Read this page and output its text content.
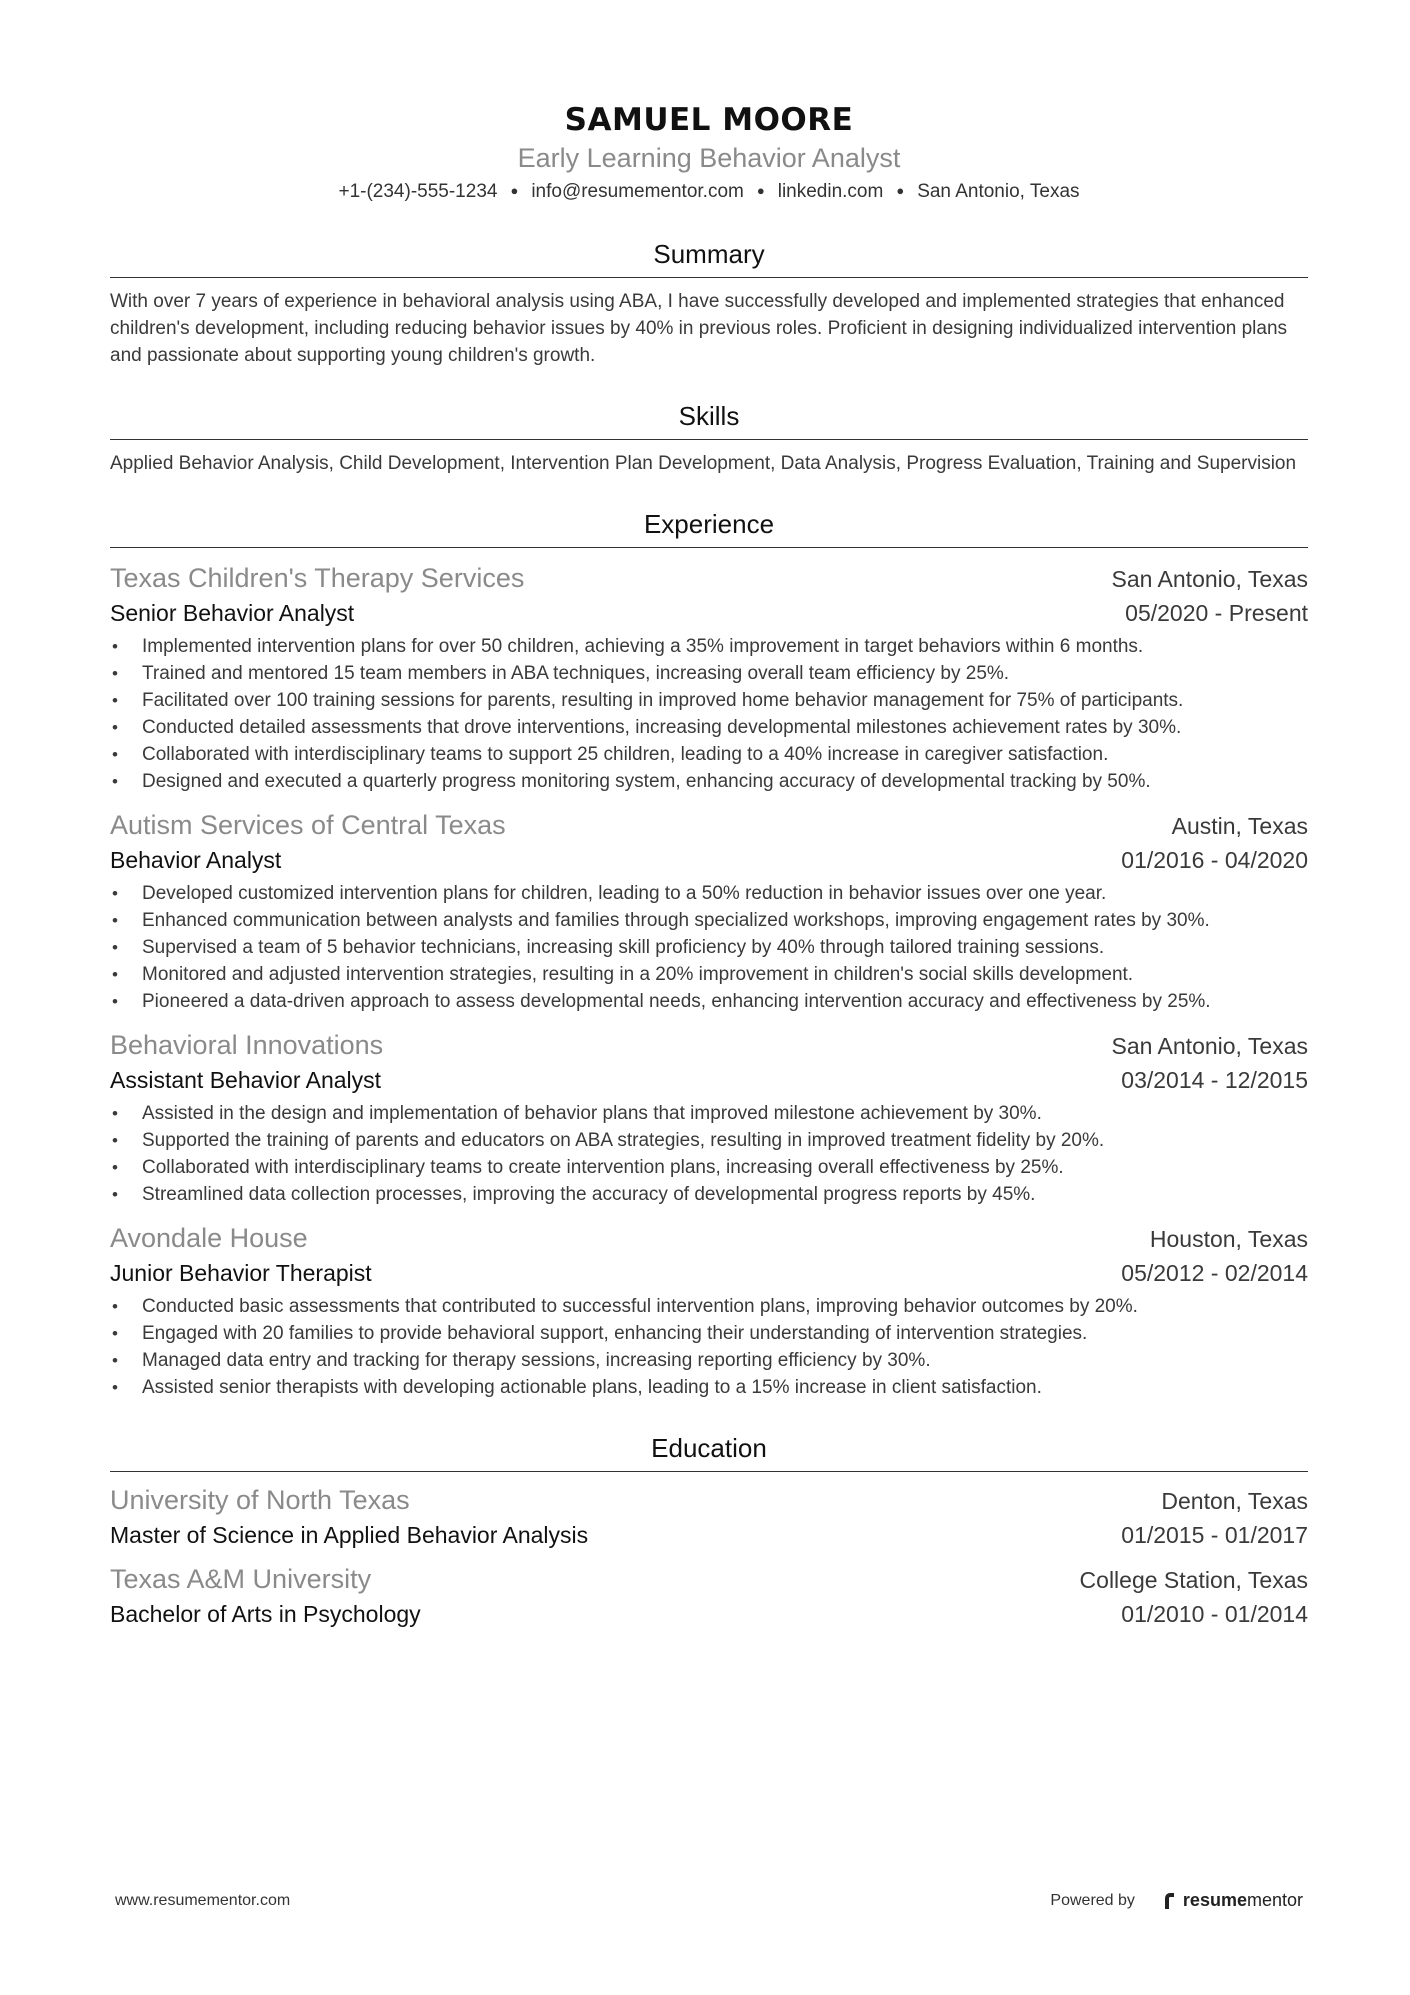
SAMUEL MOORE
Early Learning Behavior Analyst
+1-(234)-555-1234 ● info@resumementor.com ● linkedin.com ● San Antonio, Texas
Summary
With over 7 years of experience in behavioral analysis using ABA, I have successfully developed and implemented strategies that enhanced children's development, including reducing behavior issues by 40% in previous roles. Proficient in designing individualized intervention plans and passionate about supporting young children's growth.
Skills
Applied Behavior Analysis, Child Development, Intervention Plan Development, Data Analysis, Progress Evaluation, Training and Supervision
Experience
Texas Children's Therapy Services	San Antonio, Texas
Senior Behavior Analyst	05/2020 - Present
• Implemented intervention plans for over 50 children, achieving a 35% improvement in target behaviors within 6 months.
• Trained and mentored 15 team members in ABA techniques, increasing overall team efficiency by 25%.
• Facilitated over 100 training sessions for parents, resulting in improved home behavior management for 75% of participants.
• Conducted detailed assessments that drove interventions, increasing developmental milestones achievement rates by 30%.
• Collaborated with interdisciplinary teams to support 25 children, leading to a 40% increase in caregiver satisfaction.
• Designed and executed a quarterly progress monitoring system, enhancing accuracy of developmental tracking by 50%.
Autism Services of Central Texas	Austin, Texas
Behavior Analyst	01/2016 - 04/2020
• Developed customized intervention plans for children, leading to a 50% reduction in behavior issues over one year.
• Enhanced communication between analysts and families through specialized workshops, improving engagement rates by 30%.
• Supervised a team of 5 behavior technicians, increasing skill proficiency by 40% through tailored training sessions.
• Monitored and adjusted intervention strategies, resulting in a 20% improvement in children's social skills development.
• Pioneered a data-driven approach to assess developmental needs, enhancing intervention accuracy and effectiveness by 25%.
Behavioral Innovations	San Antonio, Texas
Assistant Behavior Analyst	03/2014 - 12/2015
• Assisted in the design and implementation of behavior plans that improved milestone achievement by 30%.
• Supported the training of parents and educators on ABA strategies, resulting in improved treatment fidelity by 20%.
• Collaborated with interdisciplinary teams to create intervention plans, increasing overall effectiveness by 25%.
• Streamlined data collection processes, improving the accuracy of developmental progress reports by 45%.
Avondale House	Houston, Texas
Junior Behavior Therapist	05/2012 - 02/2014
• Conducted basic assessments that contributed to successful intervention plans, improving behavior outcomes by 20%.
• Engaged with 20 families to provide behavioral support, enhancing their understanding of intervention strategies.
• Managed data entry and tracking for therapy sessions, increasing reporting efficiency by 30%.
• Assisted senior therapists with developing actionable plans, leading to a 15% increase in client satisfaction.
Education
University of North Texas	Denton, Texas
Master of Science in Applied Behavior Analysis	01/2015 - 01/2017
Texas A&M University	College Station, Texas
Bachelor of Arts in Psychology	01/2010 - 01/2014
www.resumementor.com	Powered by	resume mentor
